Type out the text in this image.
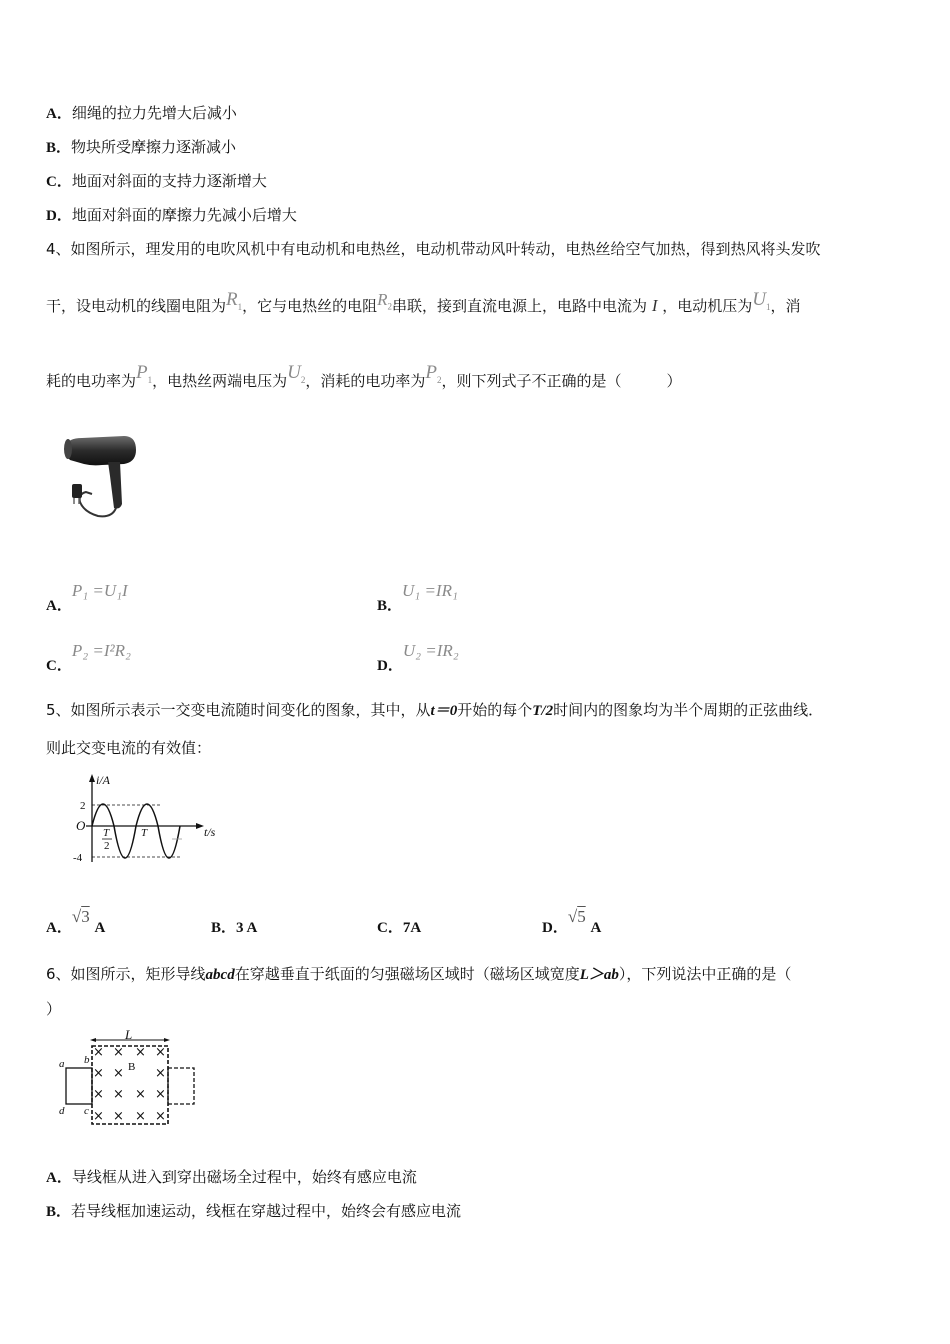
A．细绳的拉力先增大后减小
B．物块所受摩擦力逐渐减小
C．地面对斜面的支持力逐渐增大
D．地面对斜面的摩擦力先减小后增大
4、如图所示，理发用的电吹风机中有电动机和电热丝，电动机带动风叶转动，电热丝给空气加热，得到热风将头发吹
干，设电动机的线圈电阻为$R_1$，它与电热丝的电阻$R_2$串联，接到直流电源上，电路中电流为 I ，电动机压为$U_1$，消
耗的电功率为$P_1$，电热丝两端电压为$U_2$，消耗的电功率为$P_2$，则下列式子不正确的是（　　　）
A．P₁ =U₁I
B．U₁ =IR₁
C．P₂ =I²R₂
D．U₂ =IR₂
5、如图所示表示一交变电流随时间变化的图象，其中，从t＝0开始的每个T/2时间内的图象均为半个周期的正弦曲线．
则此交变电流的有效值：
i/A
t/s
O
2
-4
T
2
T
A．√3 A	B．3 A	C．7A	D．√5 A
6、如图所示，矩形导线abcd在穿越垂直于纸面的匀强磁场区域时（磁场区域宽度L＞ab），下列说法中正确的是（
）
L
a b
c
d
B
× × × ×
× × ×
× × × ×
× × × ×
A．导线框从进入到穿出磁场全过程中，始终有感应电流
B．若导线框加速运动，线框在穿越过程中，始终会有感应电流
